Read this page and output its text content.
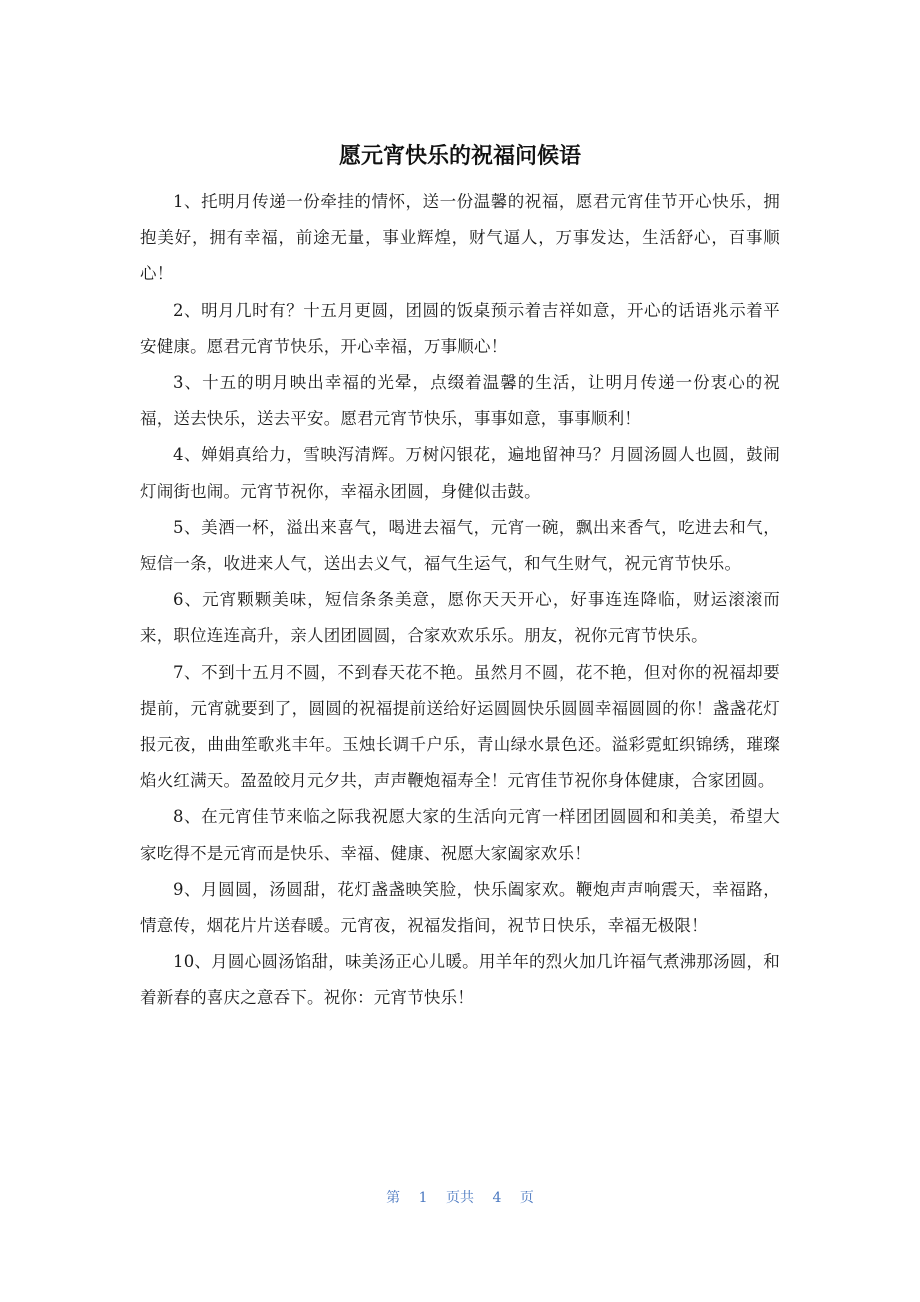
愿元宵快乐的祝福问候语

1、托明月传递一份牵挂的情怀，送一份温馨的祝福，愿君元宵佳节开心快乐，拥抱美好，拥有幸福，前途无量，事业辉煌，财气逼人，万事发达，生活舒心，百事顺心！

2、明月几时有？十五月更圆，团圆的饭桌预示着吉祥如意，开心的话语兆示着平安健康。愿君元宵节快乐，开心幸福，万事顺心！

3、十五的明月映出幸福的光晕，点缀着温馨的生活，让明月传递一份衷心的祝福，送去快乐，送去平安。愿君元宵节快乐，事事如意，事事顺利！

4、婵娟真给力，雪映泻清辉。万树闪银花，遍地留神马？月圆汤圆人也圆，鼓闹灯闹街也闹。元宵节祝你，幸福永团圆，身健似击鼓。

5、美酒一杯，溢出来喜气，喝进去福气，元宵一碗，飘出来香气，吃进去和气，短信一条，收进来人气，送出去义气，福气生运气，和气生财气，祝元宵节快乐。

6、元宵颗颗美味，短信条条美意，愿你天天开心，好事连连降临，财运滚滚而来，职位连连高升，亲人团团圆圆，合家欢欢乐乐。朋友，祝你元宵节快乐。

7、不到十五月不圆，不到春天花不艳。虽然月不圆，花不艳，但对你的祝福却要提前，元宵就要到了，圆圆的祝福提前送给好运圆圆快乐圆圆幸福圆圆的你！盏盏花灯报元夜，曲曲笙歌兆丰年。玉烛长调千户乐，青山绿水景色还。溢彩霓虹织锦绣，璀璨焰火红满天。盈盈皎月元夕共，声声鞭炮福寿全！元宵佳节祝你身体健康，合家团圆。

8、在元宵佳节来临之际我祝愿大家的生活向元宵一样团团圆圆和和美美，希望大家吃得不是元宵而是快乐、幸福、健康、祝愿大家阖家欢乐！

9、月圆圆，汤圆甜，花灯盏盏映笑脸，快乐阖家欢。鞭炮声声响震天，幸福路，情意传，烟花片片送春暖。元宵夜，祝福发指间，祝节日快乐，幸福无极限！

10、月圆心圆汤馅甜，味美汤正心儿暖。用羊年的烈火加几许福气煮沸那汤圆，和着新春的喜庆之意吞下。祝你：元宵节快乐！

第 1 页共 4 页
